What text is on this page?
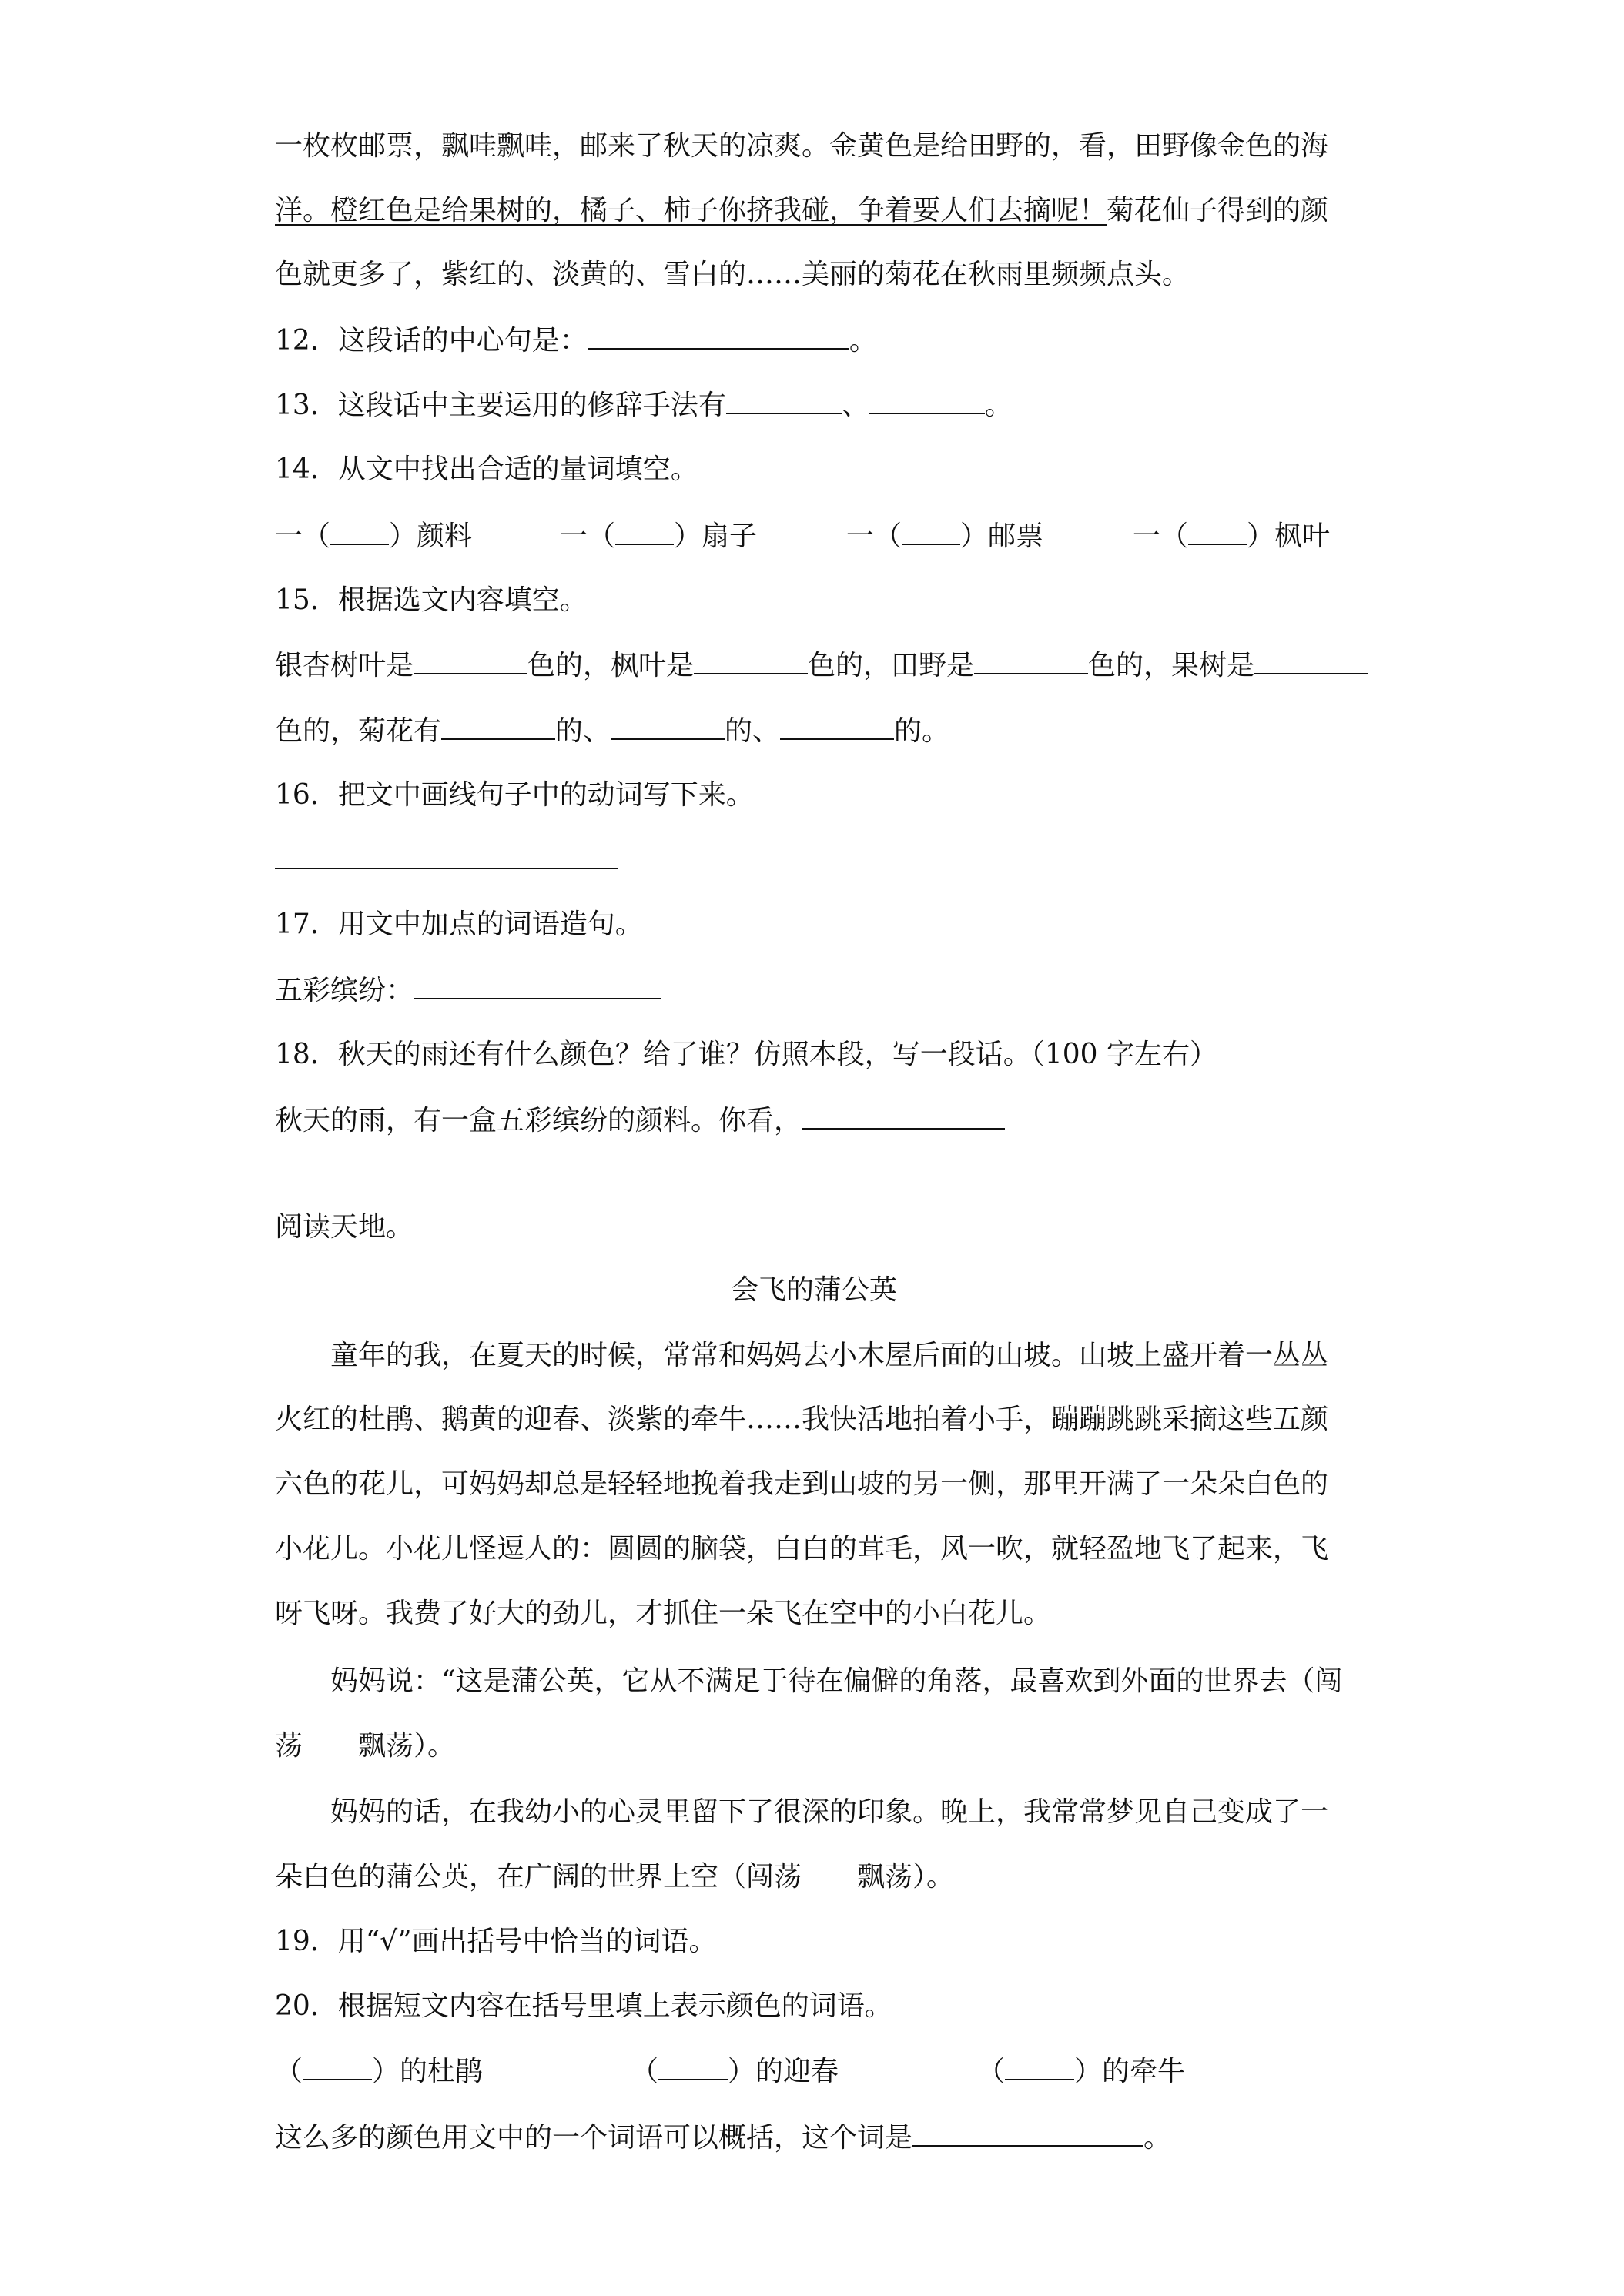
一枚枚邮票，飘哇飘哇，邮来了秋天的凉爽。金黄色是给田野的，看，田野像金色的海
洋。橙红色是给果树的，橘子、柿子你挤我碰，争着要人们去摘呢！菊花仙子得到的颜
色就更多了，紫红的、淡黄的、雪白的……美丽的菊花在秋雨里频频点头。
12．这段话的中心句是：	。
13．这段话中主要运用的修辞手法有	、	。
14．从文中找出合适的量词填空。
一（ ）颜料	一（ ）扇子	一（ ）邮票	一（ ）枫叶
15．根据选文内容填空。
银杏树叶是	色的，枫叶是	色的，田野是	色的，果树是
色的，菊花有	的、	的、	的。
16．把文中画线句子中的动词写下来。
17．用文中加点的词语造句。
五彩缤纷：
18．秋天的雨还有什么颜色？给了谁？仿照本段，写一段话。（100 字左右）
秋天的雨，有一盒五彩缤纷的颜料。你看，
阅读天地。
会飞的蒲公英
童年的我，在夏天的时候，常常和妈妈去小木屋后面的山坡。山坡上盛开着一丛丛
火红的杜鹃、鹅黄的迎春、淡紫的牵牛……我快活地拍着小手，蹦蹦跳跳采摘这些五颜
六色的花儿，可妈妈却总是轻轻地挽着我走到山坡的另一侧，那里开满了一朵朵白色的
小花儿。小花儿怪逗人的：圆圆的脑袋，白白的茸毛，风一吹，就轻盈地飞了起来，飞
呀飞呀。我费了好大的劲儿，才抓住一朵飞在空中的小白花儿。
妈妈说：“这是蒲公英，它从不满足于待在偏僻的角落，最喜欢到外面的世界去（闯
荡　　飘荡）。
妈妈的话，在我幼小的心灵里留下了很深的印象。晚上，我常常梦见自己变成了一
朵白色的蒲公英，在广阔的世界上空（闯荡　　飘荡）。
19．用“√”画出括号中恰当的词语。
20．根据短文内容在括号里填上表示颜色的词语。
（	）的杜鹃	（	）的迎春	（	）的牵牛
这么多的颜色用文中的一个词语可以概括，这个词是	。
